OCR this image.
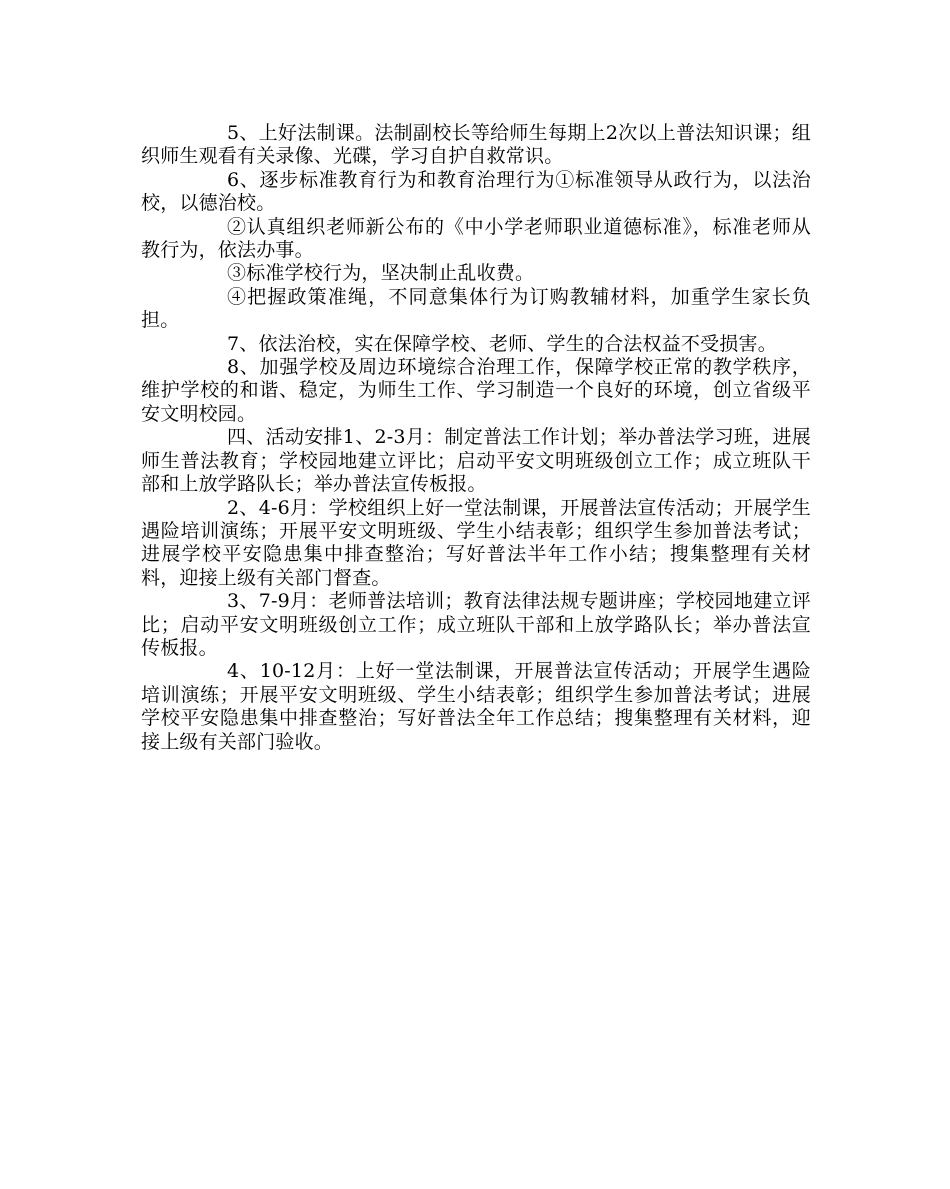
5、上好法制课。法制副校长等给师生每期上2次以上普法知识课；组织师生观看有关录像、光碟，学习自护自救常识。

6、逐步标准教育行为和教育治理行为①标准领导从政行为，以法治校，以德治校。

②认真组织老师新公布的《中小学老师职业道德标准》，标准老师从教行为，依法办事。

③标准学校行为，坚决制止乱收费。

④把握政策准绳，不同意集体行为订购教辅材料，加重学生家长负担。

7、依法治校，实在保障学校、老师、学生的合法权益不受损害。

8、加强学校及周边环境综合治理工作，保障学校正常的教学秩序，维护学校的和谐、稳定，为师生工作、学习制造一个良好的环境，创立省级平安文明校园。

四、活动安排1、2-3月：制定普法工作计划；举办普法学习班，进展师生普法教育；学校园地建立评比；启动平安文明班级创立工作；成立班队干部和上放学路队长；举办普法宣传板报。

2、4-6月：学校组织上好一堂法制课，开展普法宣传活动；开展学生遇险培训演练；开展平安文明班级、学生小结表彰；组织学生参加普法考试；进展学校平安隐患集中排查整治；写好普法半年工作小结；搜集整理有关材料，迎接上级有关部门督查。

3、7-9月：老师普法培训；教育法律法规专题讲座；学校园地建立评比；启动平安文明班级创立工作；成立班队干部和上放学路队长；举办普法宣传板报。

4、10-12月：上好一堂法制课，开展普法宣传活动；开展学生遇险培训演练；开展平安文明班级、学生小结表彰；组织学生参加普法考试；进展学校平安隐患集中排查整治；写好普法全年工作总结；搜集整理有关材料，迎接上级有关部门验收。
